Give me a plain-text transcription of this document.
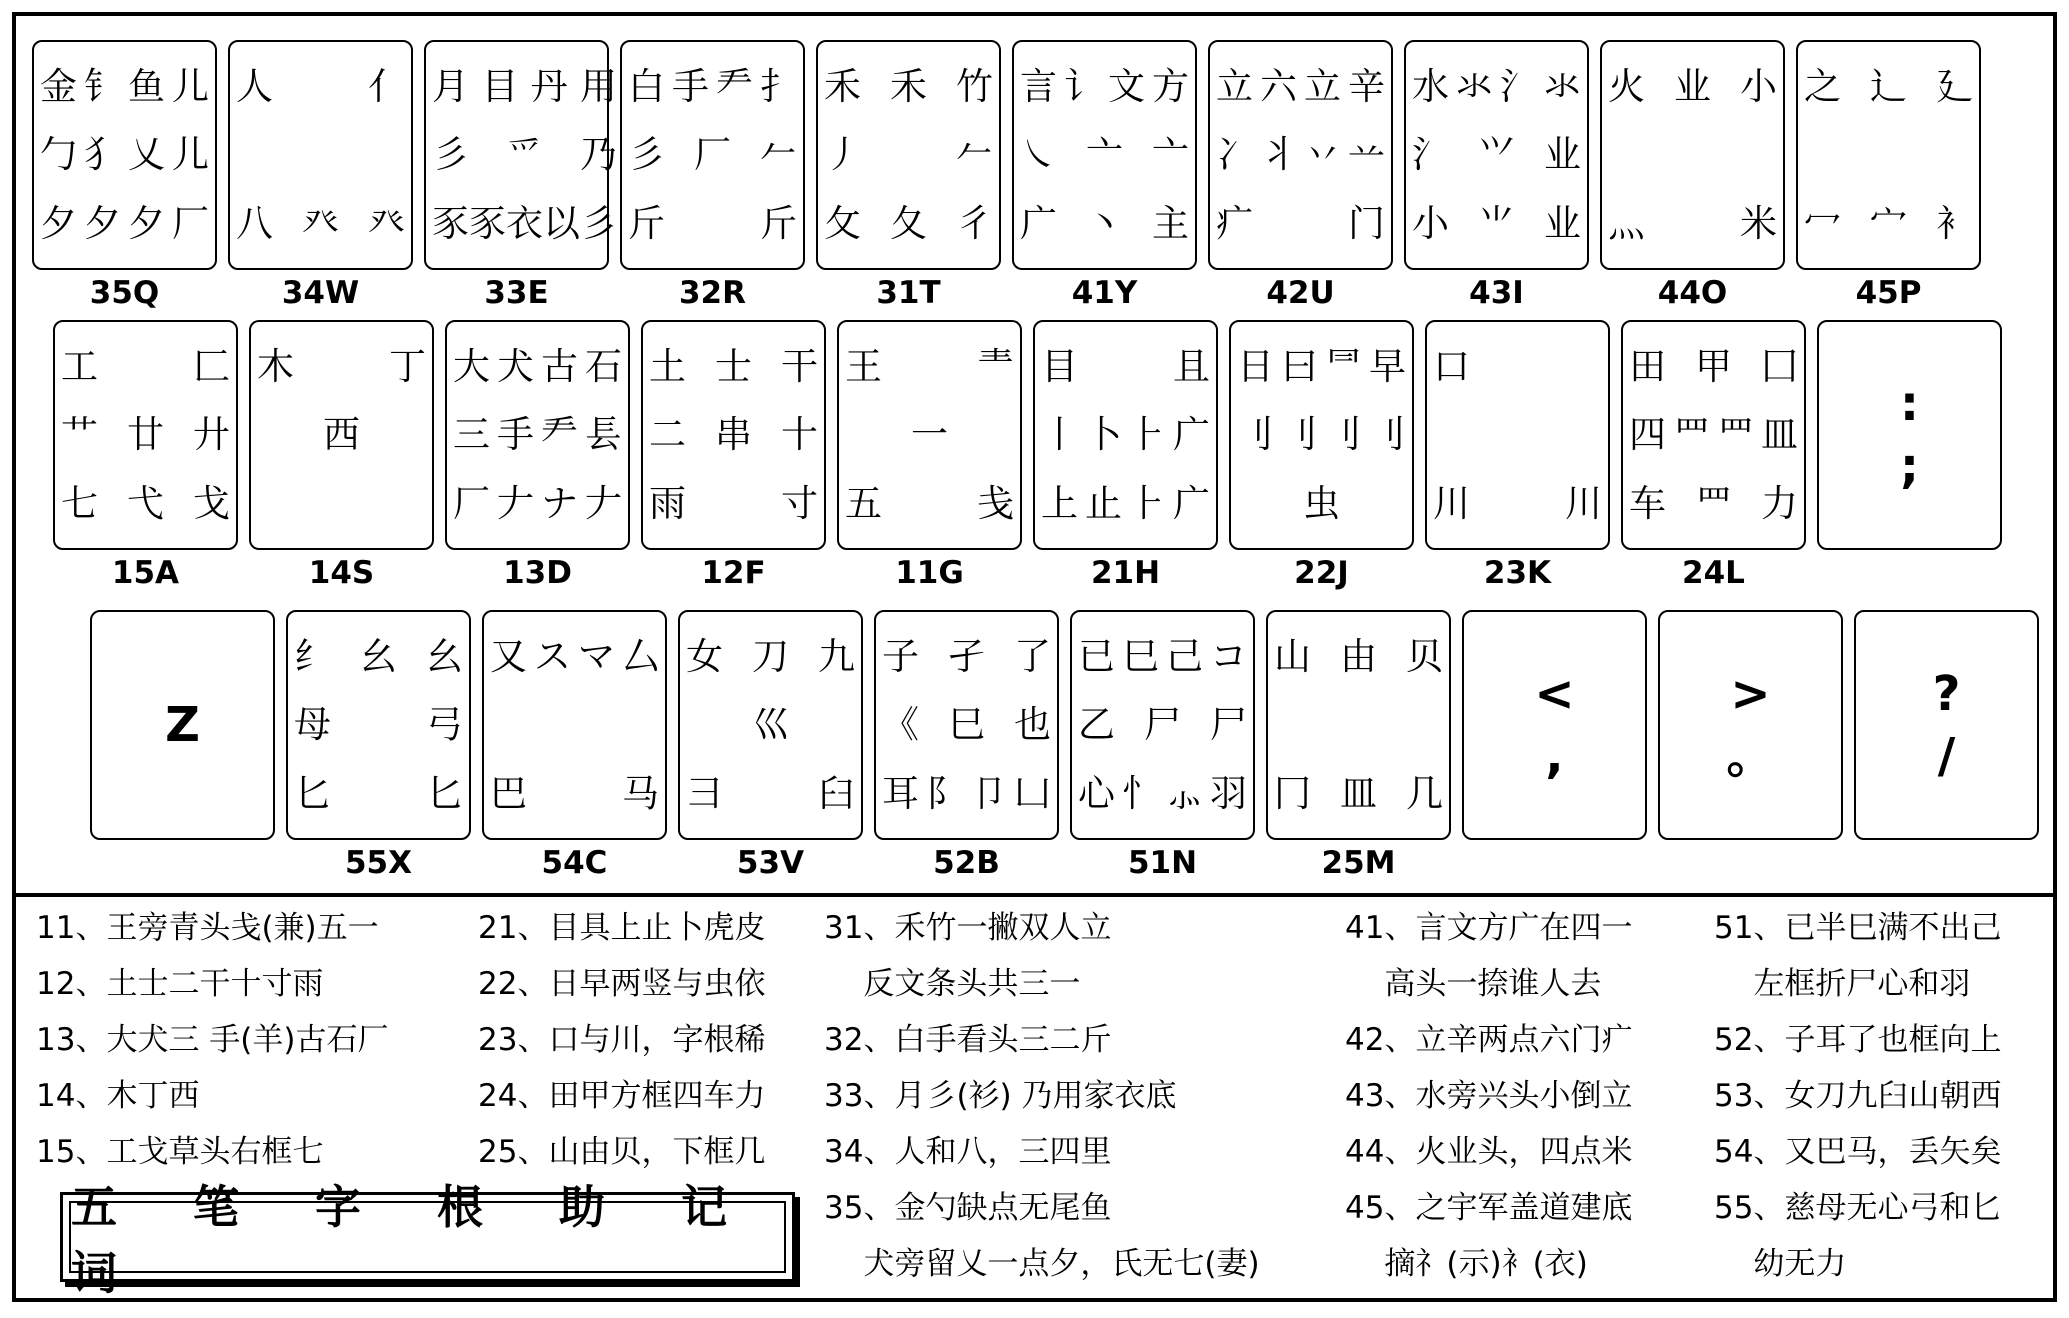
金 钅 鱼 儿
勹 犭 乂 儿
夕 夕 夕 厂
35Q
人	亻
八 癶 癶
34W
月 目 丹 用
彡 爫 乃
豕 豕 衣 以 彡
33E
白 手 龵 扌
彡 厂 𠂉
斤	斤
32R
禾 禾 竹
丿	𠂉
攵 夂 彳
31T
言 讠 文 方
㇏ 亠 亠
广 丶 主
41Y
立 六 立 辛
冫 丬 丷 䒑
疒	门
42U
水 氺 氵 氺
氵 ⺍ 业
小 ⺌ 业
43I
火 业 小
灬	米
44O
之 辶 廴
冖 宀 衤
45P
工	匚
艹 廿 廾
七 弋 戈
15A
木	丁
西
14S
大 犬 古 石
三 手 龵 镸
厂 𠂇 ナ 𠂇
13D
土 士 干
二 串 十
雨	寸
12F
王	龶
一
五	戋
11G
目	且
丨 卜 ⺊ 广
上 止 ⺊ 广
21H
日 曰 ⺜ 早
刂 刂 刂 刂
虫
22J
口
川	川
23K
田 甲 囗
四 罒 罒 皿
车 罒 力
24L
:
;
Z
纟 幺 幺
母	弓
匕	匕
55X
又 ス マ 厶
巴	马
54C
女 刀 九
巛
彐	臼
53V
子 孑 了
《 巳 也
耳 阝 卩 凵
52B
已 巳 己 コ
乙 尸 尸
心 忄 ⺗ 羽
51N
山 由 贝
冂 皿 几
25M
<
,
>
。
?
/
11、王旁青头戋(兼)五一
12、土士二干十寸雨
13、大犬三 手(羊)古石厂
14、木丁西
15、工戈草头右框七
21、目具上止卜虎皮
22、日早两竖与虫依
23、口与川，字根稀
24、田甲方框四车力
25、山由贝，下框几
31、禾竹一撇双人立
反文条头共三一
32、白手看头三二斤
33、月彡(衫) 乃用家衣底
34、人和八，三四里
35、金勺缺点无尾鱼
犬旁留乂一点夕，氏无七(妻)
41、言文方广在四一
高头一捺谁人去
42、立辛两点六门疒
43、水旁兴头小倒立
44、火业头，四点米
45、之宇军盖道建底
摘礻(示)衤(衣)
51、已半巳满不出己
左框折尸心和羽
52、子耳了也框向上
53、女刀九臼山朝西
54、又巴马，丢矢矣
55、慈母无心弓和匕
幼无力
五 笔 字 根 助 记 词
